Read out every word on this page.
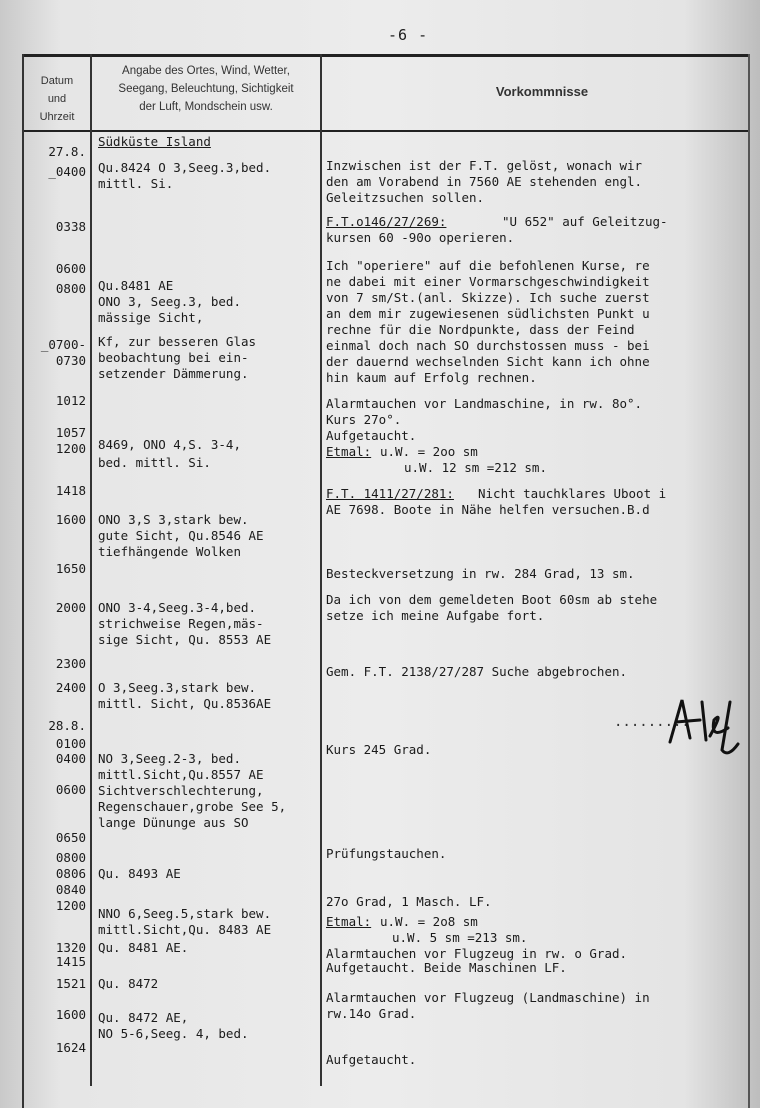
-6 -
Datum
und
Uhrzeit
Angabe des Ortes, Wind, Wetter,
Seegang, Beleuchtung, Sichtigkeit
der Luft, Mondschein usw.
Vorkommnisse
27.8.
_0400
0338
0600
0800
_0700-
0730
1012
1057
1200
1418
1600
1650
2000
2300
2400
28.8.
0100
0400
0600
0650
0800
0806
0840
1200
1320
1415
1521
1600
1624
Südküste Island
Qu.8424 O 3,Seeg.3,bed.
mittl. Si.
Qu.8481 AE
ONO 3, Seeg.3, bed.
mässige Sicht,
Kf, zur besseren Glas
beobachtung bei ein-
setzender Dämmerung.
8469, ONO 4,S. 3-4,
bed. mittl. Si.
ONO 3,S 3,stark bew.
gute Sicht, Qu.8546 AE
tiefhängende Wolken
ONO 3-4,Seeg.3-4,bed.
strichweise Regen,mäs-
sige Sicht, Qu. 8553 AE
O 3,Seeg.3,stark bew.
mittl. Sicht, Qu.8536AE
NO 3,Seeg.2-3, bed.
mittl.Sicht,Qu.8557 AE
Sichtverschlechterung,
Regenschauer,grobe See 5,
lange Dünunge aus SO
Qu. 8493 AE
NNO 6,Seeg.5,stark bew.
mittl.Sicht,Qu. 8483 AE
Qu. 8481 AE.
Qu. 8472
Qu. 8472 AE,
NO 5-6,Seeg. 4, bed.
Inzwischen ist der F.T. gelöst, wonach wir
den am Vorabend in 7560 AE stehenden engl.
Geleitzsuchen sollen.
F.T.o146/27/269:	"U 652" auf Geleitzug-
kursen 60 -90o operieren.
Ich "operiere" auf die befohlenen Kurse, re
ne dabei mit einer Vormarschgeschwindigkeit
von 7 sm/St.(anl. Skizze). Ich suche zuerst
an dem mir zugewiesenen südlichsten Punkt u
rechne für die Nordpunkte, dass der Feind
einmal doch nach SO durchstossen muss - bei
der dauernd wechselnden Sicht kann ich ohne
hin kaum auf Erfolg rechnen.
Alarmtauchen vor Landmaschine, in rw. 8o°.
Kurs 27o°.
Aufgetaucht.
Etmal: u.W. = 2oo sm
u.W. 12 sm =212 sm.
F.T. 1411/27/281: Nicht tauchklares Uboot i
AE 7698. Boote in Nähe helfen versuchen.B.d
Besteckversetzung in rw. 284 Grad, 13 sm.
Da ich von dem gemeldeten Boot 60sm ab stehe
setze ich meine Aufgabe fort.
Gem. F.T. 2138/27/287 Suche abgebrochen.
Kurs 245 Grad.
Prüfungstauchen.
27o Grad, 1 Masch. LF.
Etmal: u.W. = 2o8 sm
u.W. 5 sm =213 sm.
Alarmtauchen vor Flugzeug in rw. o Grad.
Aufgetaucht. Beide Maschinen LF.
Alarmtauchen vor Flugzeug (Landmaschine) in
rw.14o Grad.
Aufgetaucht.
.........
